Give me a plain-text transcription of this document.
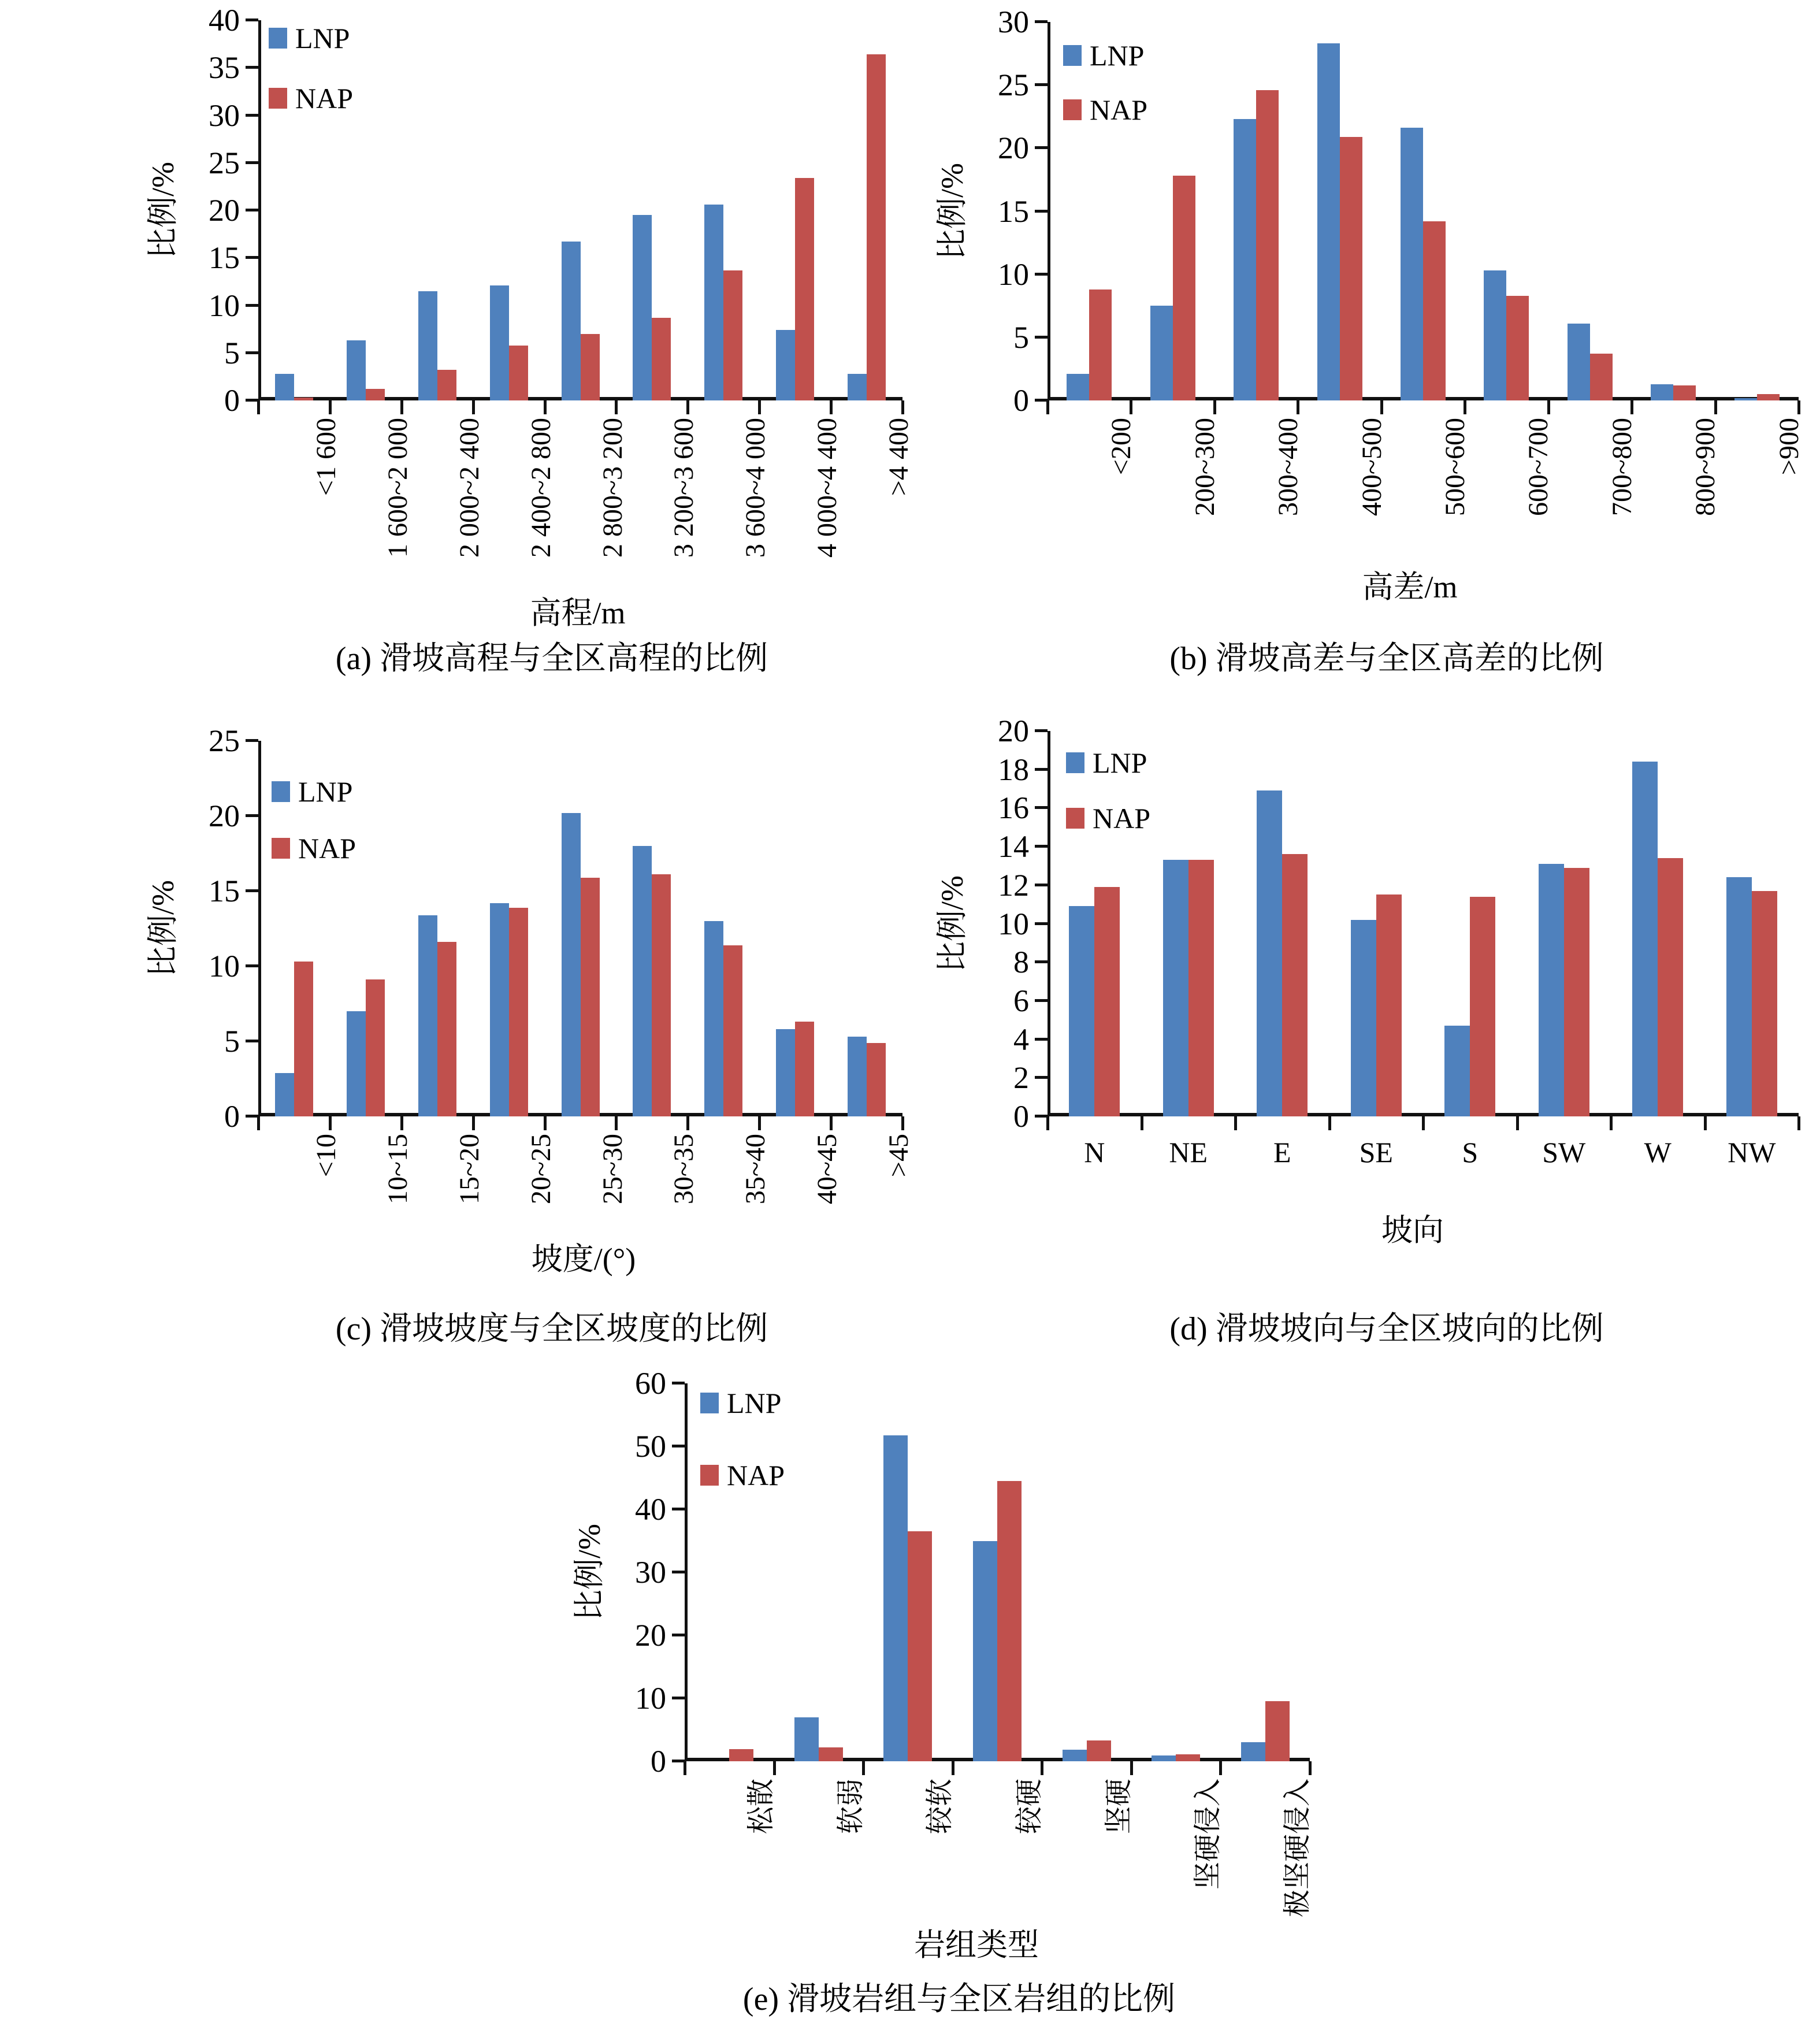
0
5
10
15
20
25
30
35
40
<1 600 1 600~2 000 2 000~2 400 2 400~2 800 2 800~3 200 3 200~3 600 3 600~4 000 4 000~4 400 >4 400
比例/%
高程/m
(a) 滑坡高程与全区高程的比例
LNP
NAP
0
5
10
15
20
25
30
<200 200~300 300~400 400~500 500~600 600~700 700~800 800~900 >900
比例/%
高差/m
(b) 滑坡高差与全区高差的比例
LNP
NAP
0
5
10
15
20
25
<10 10~15 15~20 20~25 25~30 30~35 35~40 40~45 >45
比例/%
坡度/(°)
(c) 滑坡坡度与全区坡度的比例
LNP
NAP
0
2
4
6
8
10
12
14
16
18
20
N NE E SE S SW W NW
比例/%
坡向
(d) 滑坡坡向与全区坡向的比例
LNP
NAP
0
10
20
30
40
50
60
松散 软弱 较软 较硬 坚硬 坚硬侵入 极坚硬侵入
比例/%
岩组类型
(e) 滑坡岩组与全区岩组的比例
LNP
NAP
